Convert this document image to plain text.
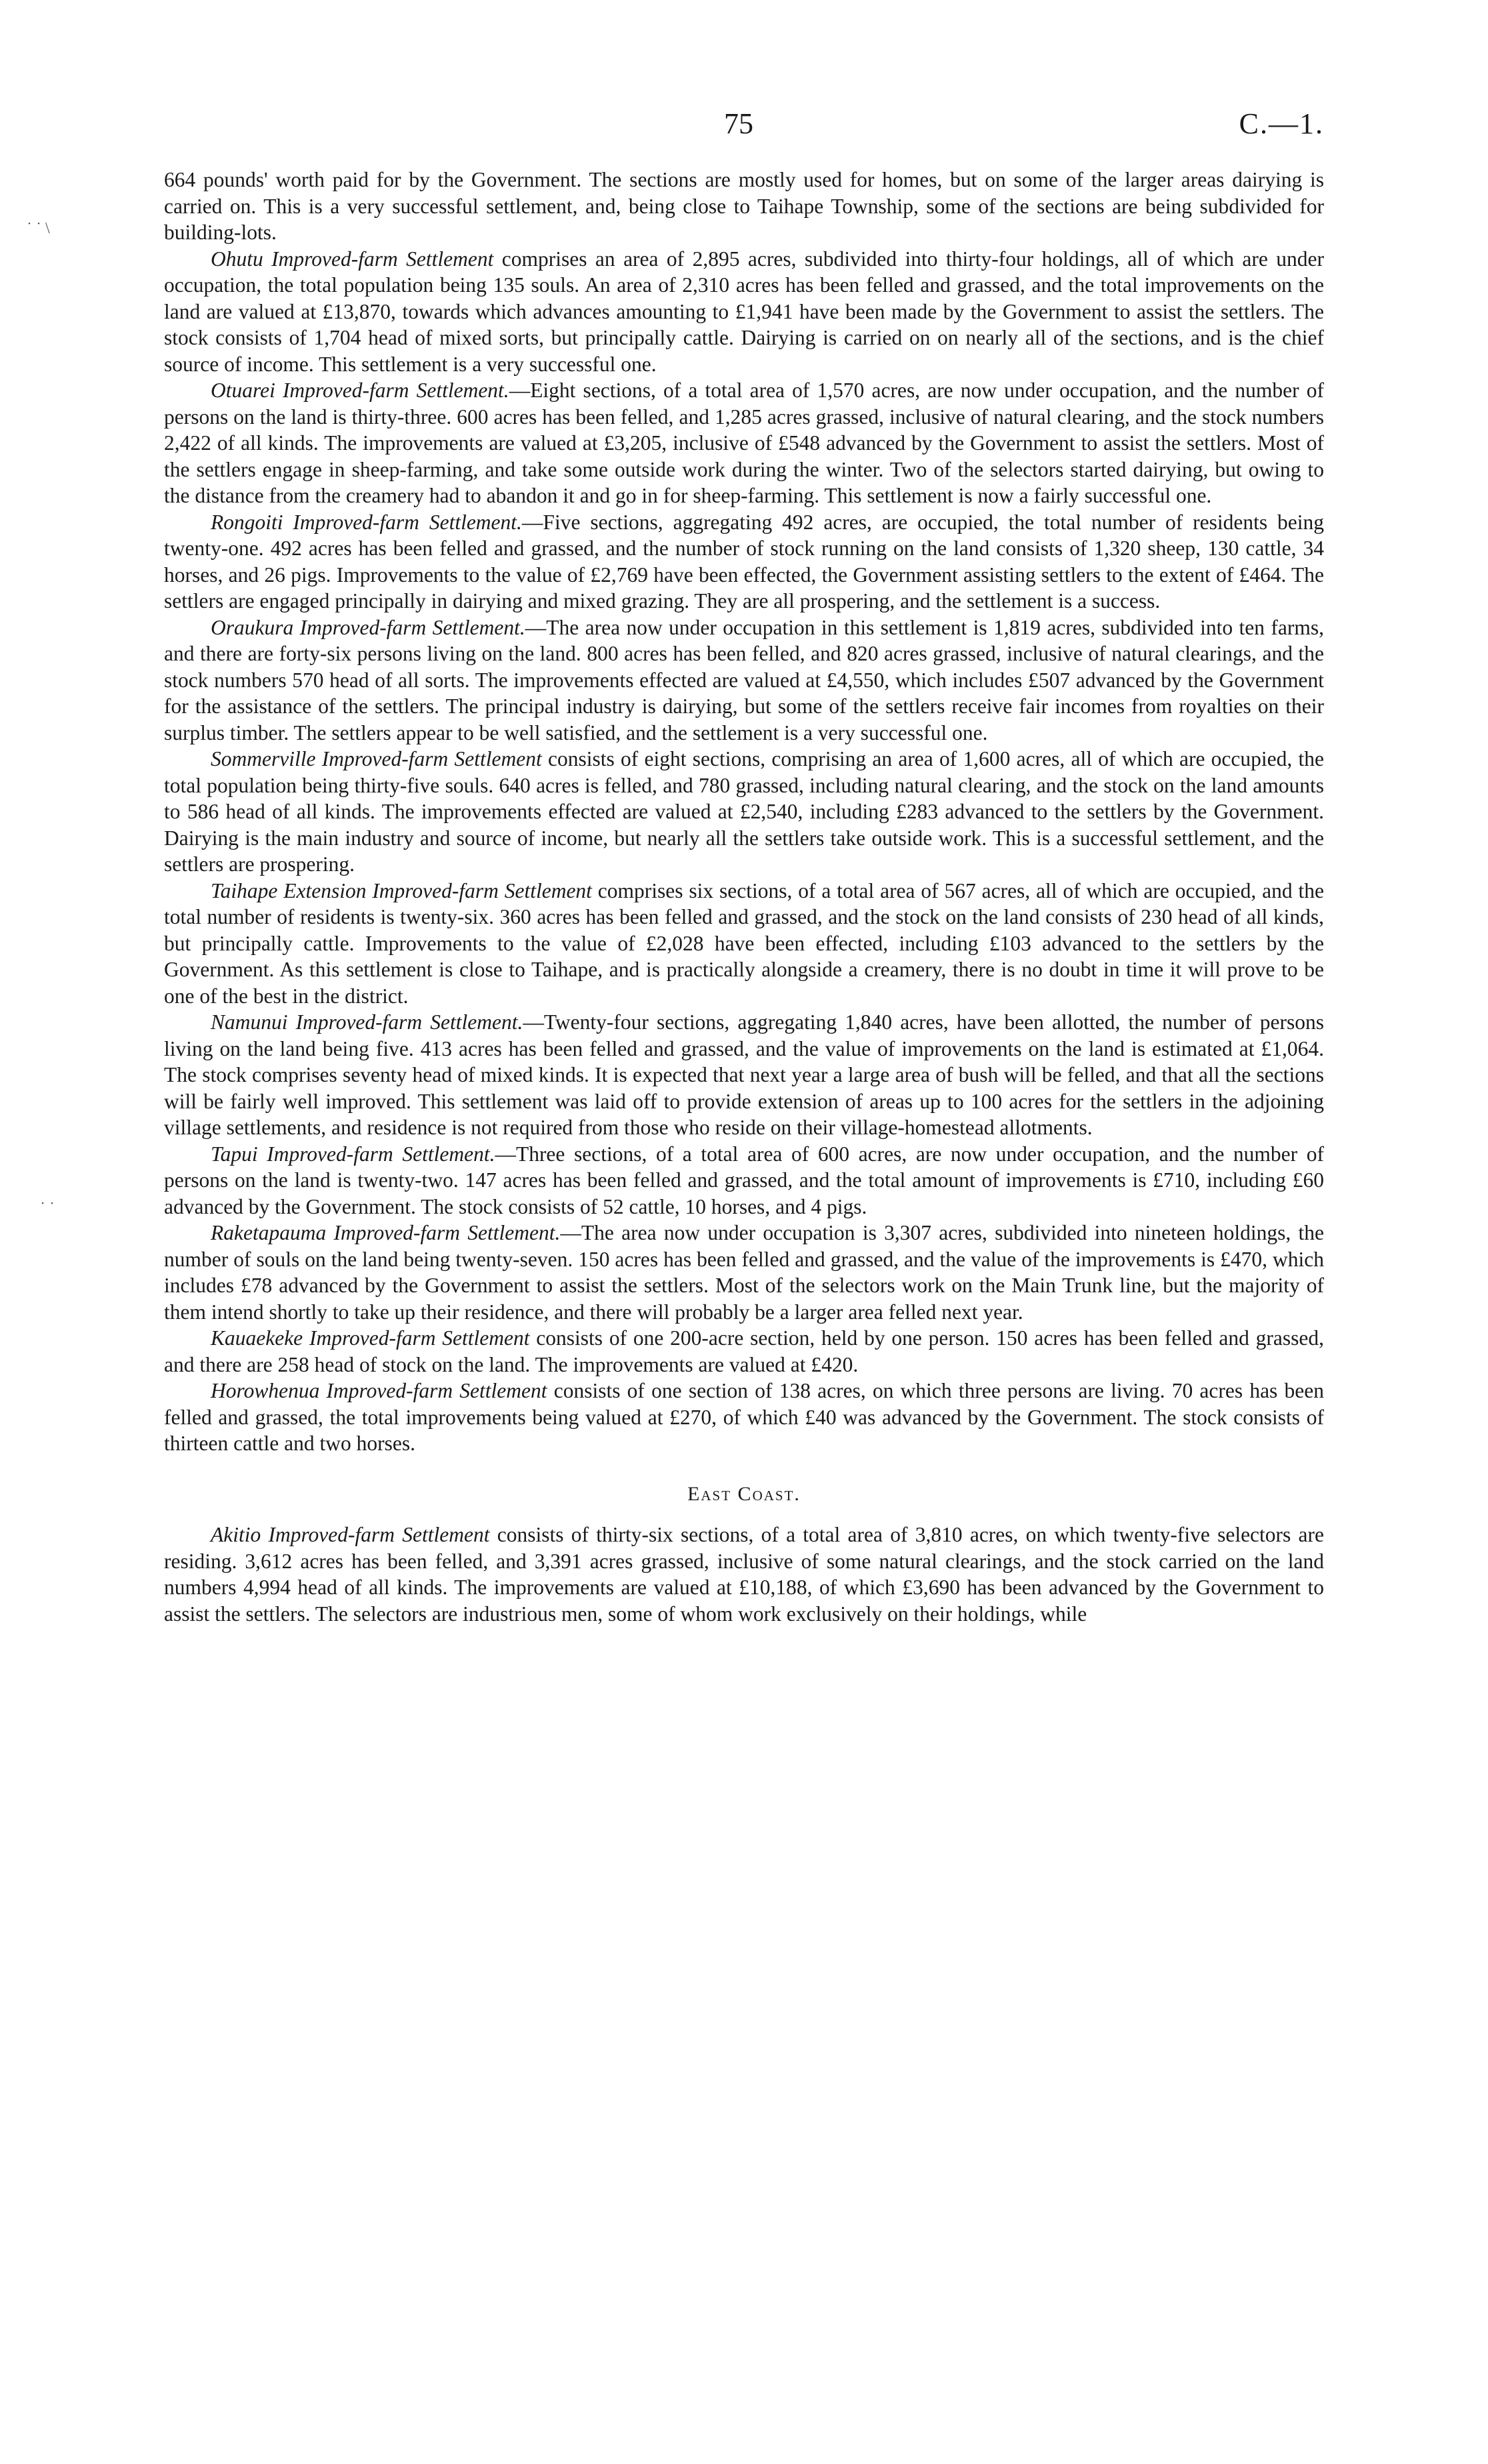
75	C.—1.

664 pounds' worth paid for by the Government. The sections are mostly used for homes, but on some of the larger areas dairying is carried on. This is a very successful settlement, and, being close to Taihape Township, some of the sections are being subdivided for building-lots.

Ohutu Improved-farm Settlement comprises an area of 2,895 acres, subdivided into thirty-four holdings, all of which are under occupation, the total population being 135 souls. An area of 2,310 acres has been felled and grassed, and the total improvements on the land are valued at £13,870, towards which advances amounting to £1,941 have been made by the Government to assist the settlers. The stock consists of 1,704 head of mixed sorts, but principally cattle. Dairying is carried on on nearly all of the sections, and is the chief source of income. This settlement is a very successful one.

Otuarei Improved-farm Settlement.—Eight sections, of a total area of 1,570 acres, are now under occupation, and the number of persons on the land is thirty-three. 600 acres has been felled, and 1,285 acres grassed, inclusive of natural clearing, and the stock numbers 2,422 of all kinds. The improvements are valued at £3,205, inclusive of £548 advanced by the Government to assist the settlers. Most of the settlers engage in sheep-farming, and take some outside work during the winter. Two of the selectors started dairying, but owing to the distance from the creamery had to abandon it and go in for sheep-farming. This settlement is now a fairly successful one.

Rongoiti Improved-farm Settlement.—Five sections, aggregating 492 acres, are occupied, the total number of residents being twenty-one. 492 acres has been felled and grassed, and the number of stock running on the land consists of 1,320 sheep, 130 cattle, 34 horses, and 26 pigs. Improvements to the value of £2,769 have been effected, the Government assisting settlers to the extent of £464. The settlers are engaged principally in dairying and mixed grazing. They are all prospering, and the settlement is a success.

Oraukura Improved-farm Settlement.—The area now under occupation in this settlement is 1,819 acres, subdivided into ten farms, and there are forty-six persons living on the land. 800 acres has been felled, and 820 acres grassed, inclusive of natural clearings, and the stock numbers 570 head of all sorts. The improvements effected are valued at £4,550, which includes £507 advanced by the Government for the assistance of the settlers. The principal industry is dairying, but some of the settlers receive fair incomes from royalties on their surplus timber. The settlers appear to be well satisfied, and the settlement is a very successful one.

Sommerville Improved-farm Settlement consists of eight sections, comprising an area of 1,600 acres, all of which are occupied, the total population being thirty-five souls. 640 acres is felled, and 780 grassed, including natural clearing, and the stock on the land amounts to 586 head of all kinds. The improvements effected are valued at £2,540, including £283 advanced to the settlers by the Government. Dairying is the main industry and source of income, but nearly all the settlers take outside work. This is a successful settlement, and the settlers are prospering.

Taihape Extension Improved-farm Settlement comprises six sections, of a total area of 567 acres, all of which are occupied, and the total number of residents is twenty-six. 360 acres has been felled and grassed, and the stock on the land consists of 230 head of all kinds, but principally cattle. Improvements to the value of £2,028 have been effected, including £103 advanced to the settlers by the Government. As this settlement is close to Taihape, and is practically alongside a creamery, there is no doubt in time it will prove to be one of the best in the district.

Namunui Improved-farm Settlement.—Twenty-four sections, aggregating 1,840 acres, have been allotted, the number of persons living on the land being five. 413 acres has been felled and grassed, and the value of improvements on the land is estimated at £1,064. The stock comprises seventy head of mixed kinds. It is expected that next year a large area of bush will be felled, and that all the sections will be fairly well improved. This settlement was laid off to provide extension of areas up to 100 acres for the settlers in the adjoining village settlements, and residence is not required from those who reside on their village-homestead allotments.

Tapui Improved-farm Settlement.—Three sections, of a total area of 600 acres, are now under occupation, and the number of persons on the land is twenty-two. 147 acres has been felled and grassed, and the total amount of improvements is £710, including £60 advanced by the Government. The stock consists of 52 cattle, 10 horses, and 4 pigs.

Raketapauma Improved-farm Settlement.—The area now under occupation is 3,307 acres, subdivided into nineteen holdings, the number of souls on the land being twenty-seven. 150 acres has been felled and grassed, and the value of the improvements is £470, which includes £78 advanced by the Government to assist the settlers. Most of the selectors work on the Main Trunk line, but the majority of them intend shortly to take up their residence, and there will probably be a larger area felled next year.

Kauaekeke Improved-farm Settlement consists of one 200-acre section, held by one person. 150 acres has been felled and grassed, and there are 258 head of stock on the land. The improvements are valued at £420.

Horowhenua Improved-farm Settlement consists of one section of 138 acres, on which three persons are living. 70 acres has been felled and grassed, the total improvements being valued at £270, of which £40 was advanced by the Government. The stock consists of thirteen cattle and two horses.

East Coast.

Akitio Improved-farm Settlement consists of thirty-six sections, of a total area of 3,810 acres, on which twenty-five selectors are residing. 3,612 acres has been felled, and 3,391 acres grassed, inclusive of some natural clearings, and the stock carried on the land numbers 4,994 head of all kinds. The improvements are valued at £10,188, of which £3,690 has been advanced by the Government to assist the settlers. The selectors are industrious men, some of whom work exclusively on their holdings, while

˙ ˙ \
˙ ˙
